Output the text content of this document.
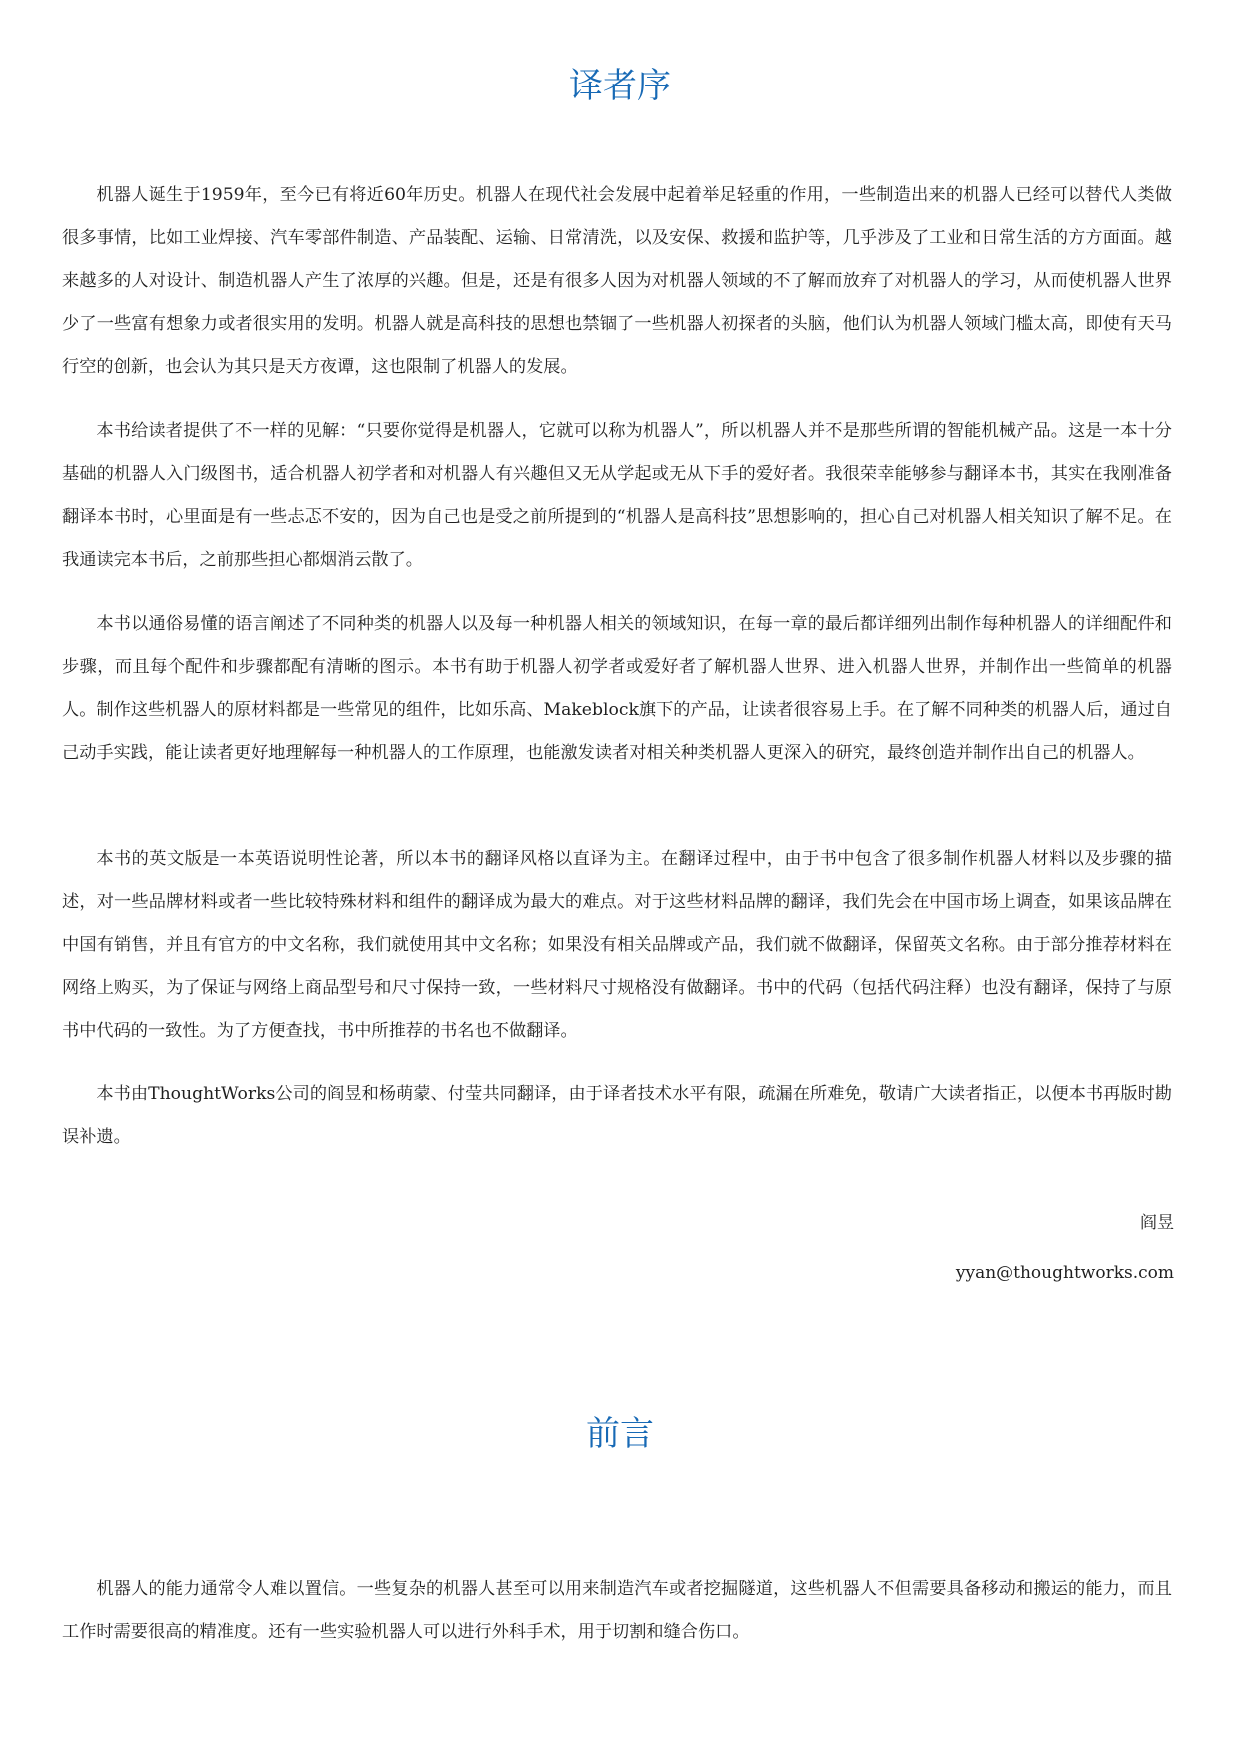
译者序

机器人诞生于1959年，至今已有将近60年历史。机器人在现代社会发展中起着举足轻重的作用，一些制造出来的机器人已经可以替代人类做很多事情，比如工业焊接、汽车零部件制造、产品装配、运输、日常清洗，以及安保、救援和监护等，几乎涉及了工业和日常生活的方方面面。越来越多的人对设计、制造机器人产生了浓厚的兴趣。但是，还是有很多人因为对机器人领域的不了解而放弃了对机器人的学习，从而使机器人世界少了一些富有想象力或者很实用的发明。机器人就是高科技的思想也禁锢了一些机器人初探者的头脑，他们认为机器人领域门槛太高，即使有天马行空的创新，也会认为其只是天方夜谭，这也限制了机器人的发展。

本书给读者提供了不一样的见解：“只要你觉得是机器人，它就可以称为机器人”，所以机器人并不是那些所谓的智能机械产品。这是一本十分基础的机器人入门级图书，适合机器人初学者和对机器人有兴趣但又无从学起或无从下手的爱好者。我很荣幸能够参与翻译本书，其实在我刚准备翻译本书时，心里面是有一些忐忑不安的，因为自己也是受之前所提到的“机器人是高科技”思想影响的，担心自己对机器人相关知识了解不足。在我通读完本书后，之前那些担心都烟消云散了。

本书以通俗易懂的语言阐述了不同种类的机器人以及每一种机器人相关的领域知识，在每一章的最后都详细列出制作每种机器人的详细配件和步骤，而且每个配件和步骤都配有清晰的图示。本书有助于机器人初学者或爱好者了解机器人世界、进入机器人世界，并制作出一些简单的机器人。制作这些机器人的原材料都是一些常见的组件，比如乐高、Makeblock旗下的产品，让读者很容易上手。在了解不同种类的机器人后，通过自己动手实践，能让读者更好地理解每一种机器人的工作原理，也能激发读者对相关种类机器人更深入的研究，最终创造并制作出自己的机器人。

本书的英文版是一本英语说明性论著，所以本书的翻译风格以直译为主。在翻译过程中，由于书中包含了很多制作机器人材料以及步骤的描述，对一些品牌材料或者一些比较特殊材料和组件的翻译成为最大的难点。对于这些材料品牌的翻译，我们先会在中国市场上调查，如果该品牌在中国有销售，并且有官方的中文名称，我们就使用其中文名称；如果没有相关品牌或产品，我们就不做翻译，保留英文名称。由于部分推荐材料在网络上购买，为了保证与网络上商品型号和尺寸保持一致，一些材料尺寸规格没有做翻译。书中的代码（包括代码注释）也没有翻译，保持了与原书中代码的一致性。为了方便查找，书中所推荐的书名也不做翻译。

本书由ThoughtWorks公司的阎昱和杨萌蒙、付莹共同翻译，由于译者技术水平有限，疏漏在所难免，敬请广大读者指正，以便本书再版时勘误补遗。

阎昱

yyan@thoughtworks.com

前言

机器人的能力通常令人难以置信。一些复杂的机器人甚至可以用来制造汽车或者挖掘隧道，这些机器人不但需要具备移动和搬运的能力，而且工作时需要很高的精准度。还有一些实验机器人可以进行外科手术，用于切割和缝合伤口。
